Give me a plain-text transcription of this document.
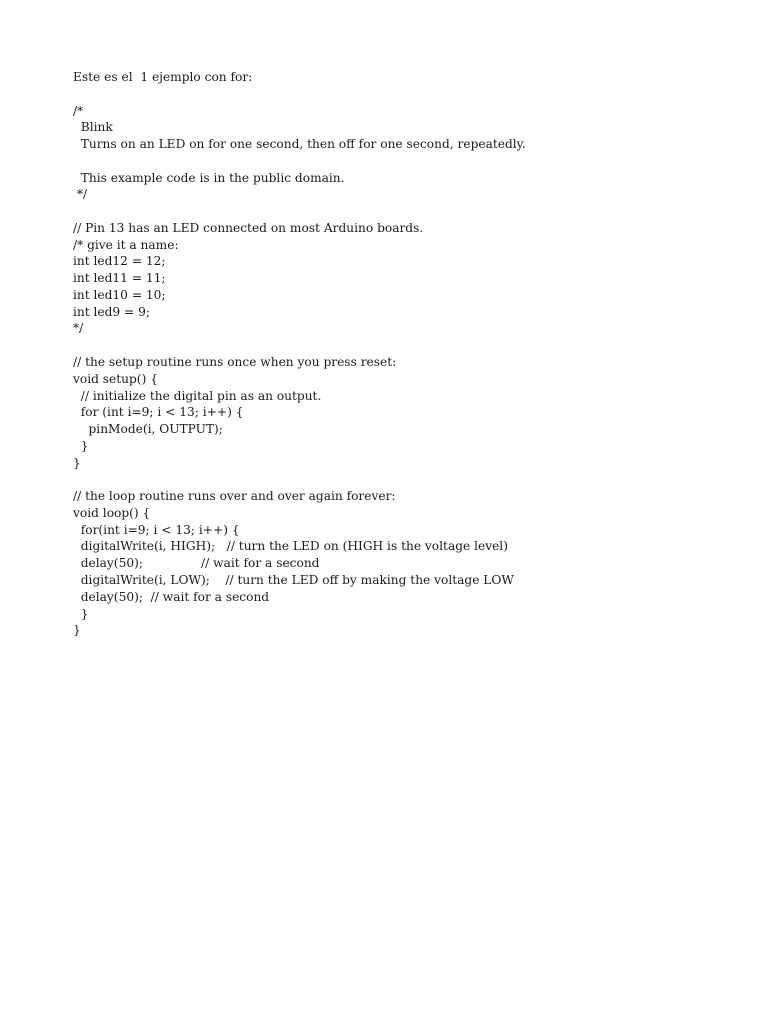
Este es el  1 ejemplo con for:
/*
Blink
Turns on an LED on for one second, then off for one second, repeatedly.
This example code is in the public domain.
*/
// Pin 13 has an LED connected on most Arduino boards.
/* give it a name:
int led12 = 12;
int led11 = 11;
int led10 = 10;
int led9 = 9;
*/
// the setup routine runs once when you press reset:
void setup() {
// initialize the digital pin as an output.
for (int i=9; i < 13; i++) {
pinMode(i, OUTPUT);
}
}
// the loop routine runs over and over again forever:
void loop() {
for(int i=9; i < 13; i++) {
digitalWrite(i, HIGH);   // turn the LED on (HIGH is the voltage level)
delay(50);               // wait for a second
digitalWrite(i, LOW);    // turn the LED off by making the voltage LOW
delay(50);  // wait for a second
}
}
